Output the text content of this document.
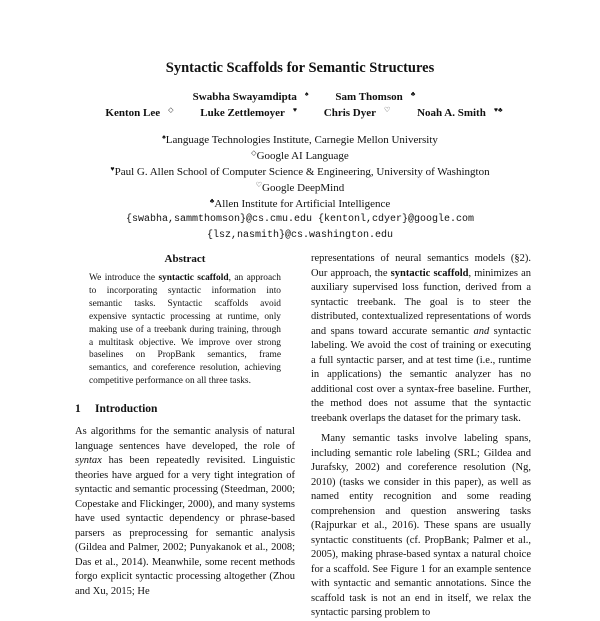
Syntactic Scaffolds for Semantic Structures
Swabha Swayamdipta ♠ Sam Thomson ♣
Kenton Lee ◇ Luke Zettlemoyer ♥ Chris Dyer ♡ Noah A. Smith ♥♣
♠Language Technologies Institute, Carnegie Mellon University
◇Google AI Language
♥Paul G. Allen School of Computer Science & Engineering, University of Washington
♡Google DeepMind
♣Allen Institute for Artificial Intelligence
{swabha,sammthomson}@cs.cmu.edu {kentonl,cdyer}@google.com
{lsz,nasmith}@cs.washington.edu
Abstract
We introduce the syntactic scaffold, an approach to incorporating syntactic information into semantic tasks. Syntactic scaffolds avoid expensive syntactic processing at runtime, only making use of a treebank during training, through a multitask objective. We improve over strong baselines on PropBank semantics, frame semantics, and coreference resolution, achieving competitive performance on all three tasks.
1 Introduction
As algorithms for the semantic analysis of natural language sentences have developed, the role of syntax has been repeatedly revisited. Linguistic theories have argued for a very tight integration of syntactic and semantic processing (Steedman, 2000; Copestake and Flickinger, 2000), and many systems have used syntactic dependency or phrase-based parsers as preprocessing for semantic analysis (Gildea and Palmer, 2002; Punyakanok et al., 2008; Das et al., 2014). Meanwhile, some recent methods forgo explicit syntactic processing altogether (Zhou and Xu, 2015; He
representations of neural semantics models (§2). Our approach, the syntactic scaffold, minimizes an auxiliary supervised loss function, derived from a syntactic treebank. The goal is to steer the distributed, contextualized representations of words and spans toward accurate semantic and syntactic labeling. We avoid the cost of training or executing a full syntactic parser, and at test time (i.e., runtime in applications) the semantic analyzer has no additional cost over a syntax-free baseline. Further, the method does not assume that the syntactic treebank overlaps the dataset for the primary task.
Many semantic tasks involve labeling spans, including semantic role labeling (SRL; Gildea and Jurafsky, 2002) and coreference resolution (Ng, 2010) (tasks we consider in this paper), as well as named entity recognition and some reading comprehension and question answering tasks (Rajpurkar et al., 2016). These spans are usually syntactic constituents (cf. PropBank; Palmer et al., 2005), making phrase-based syntax a natural choice for a scaffold. See Figure 1 for an example sentence with syntactic and semantic annotations. Since the scaffold task is not an end in itself, we relax the syntactic parsing problem to
